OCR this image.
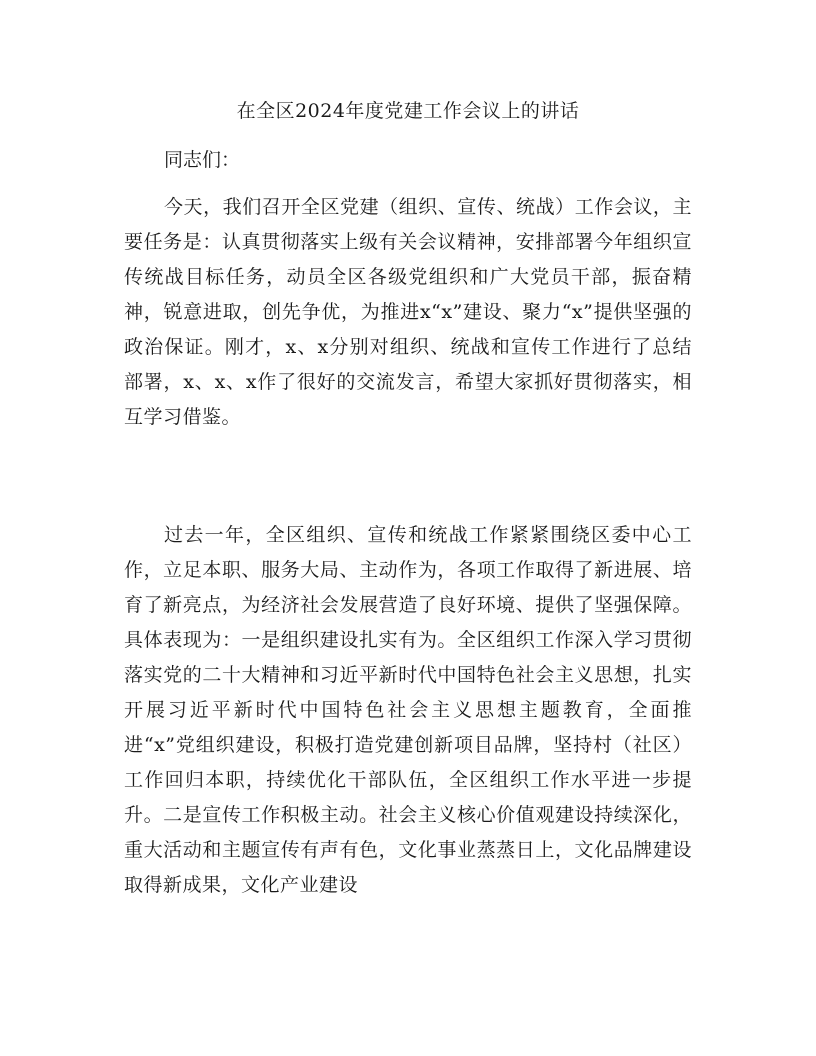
在全区2024年度党建工作会议上的讲话

同志们：

今天，我们召开全区党建（组织、宣传、统战）工作会议，主要任务是：认真贯彻落实上级有关会议精神，安排部署今年组织宣传统战目标任务，动员全区各级党组织和广大党员干部，振奋精神，锐意进取，创先争优，为推进x“x”建设、聚力“x”提供坚强的政治保证。刚才，x、x分别对组织、统战和宣传工作进行了总结部署，x、x、x作了很好的交流发言，希望大家抓好贯彻落实，相互学习借鉴。

过去一年，全区组织、宣传和统战工作紧紧围绕区委中心工作，立足本职、服务大局、主动作为，各项工作取得了新进展、培育了新亮点，为经济社会发展营造了良好环境、提供了坚强保障。具体表现为：一是组织建设扎实有为。全区组织工作深入学习贯彻落实党的二十大精神和习近平新时代中国特色社会主义思想，扎实开展习近平新时代中国特色社会主义思想主题教育，全面推进“x”党组织建设，积极打造党建创新项目品牌，坚持村（社区）工作回归本职，持续优化干部队伍，全区组织工作水平进一步提升。二是宣传工作积极主动。社会主义核心价值观建设持续深化，重大活动和主题宣传有声有色，文化事业蒸蒸日上，文化品牌建设取得新成果，文化产业建设
